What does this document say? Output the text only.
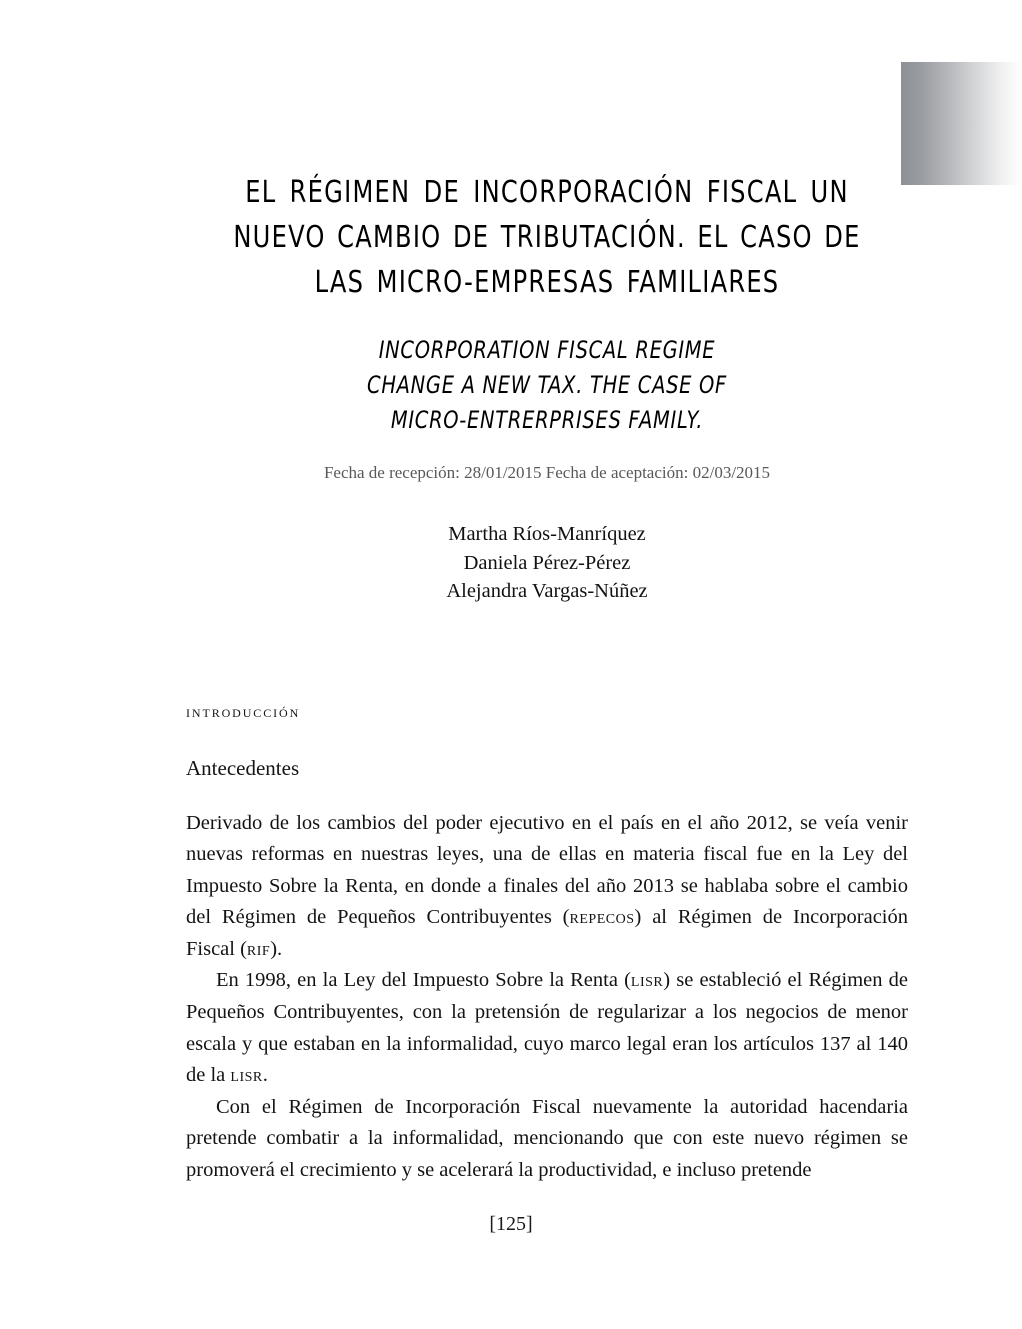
EL RÉGIMEN DE INCORPORACIÓN FISCAL UN
NUEVO CAMBIO DE TRIBUTACIÓN. EL CASO DE
LAS MICRO-EMPRESAS FAMILIARES
INCORPORATION FISCAL REGIME
CHANGE A NEW TAX. THE CASE OF
MICRO-ENTRERPRISES FAMILY.

Fecha de recepción: 28/01/2015 Fecha de aceptación: 02/03/2015

Martha Ríos-Manríquez
Daniela Pérez-Pérez
Alejandra Vargas-Núñez
introducción
Antecedentes

Derivado de los cambios del poder ejecutivo en el país en el año 2012, se veía venir nuevas reformas en nuestras leyes, una de ellas en materia fiscal fue en la Ley del Impuesto Sobre la Renta, en donde a finales del año 2013 se hablaba sobre el cambio del Régimen de Pequeños Contribuyentes (repecos) al Régimen de Incorporación Fiscal (rif).

En 1998, en la Ley del Impuesto Sobre la Renta (lisr) se estableció el Régimen de Pequeños Contribuyentes, con la pretensión de regularizar a los negocios de menor escala y que estaban en la informalidad, cuyo marco legal eran los artículos 137 al 140 de la lisr.

Con el Régimen de Incorporación Fiscal nuevamente la autoridad hacendaria pretende combatir a la informalidad, mencionando que con este nuevo régimen se promoverá el crecimiento y se acelerará la productividad, e incluso pretende

[125]
